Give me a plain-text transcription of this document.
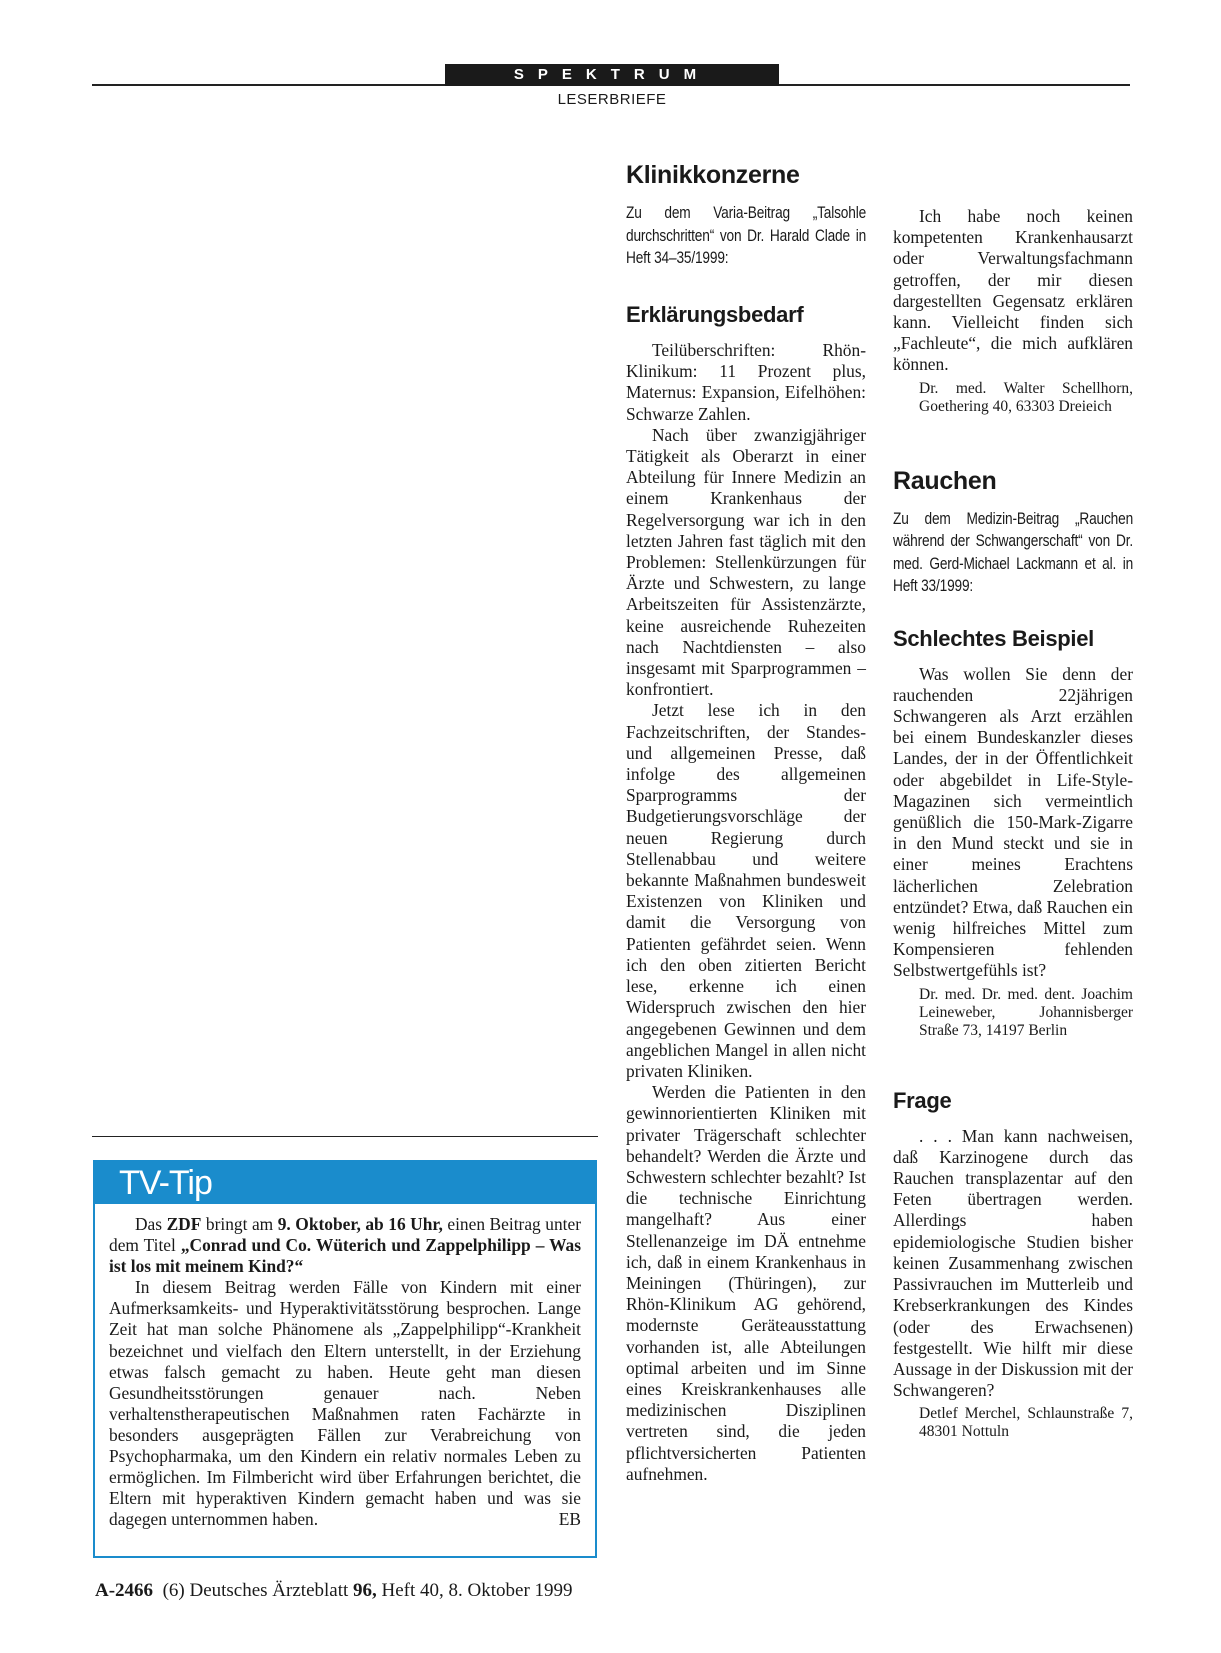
SPEKTRUM
LESERBRIEFE
Klinikkonzerne

Zu dem Varia-Beitrag „Talsohle durchschritten“ von Dr. Harald Clade in Heft 34–35/1999:

Erklärungsbedarf

Teilüberschriften: Rhön-Klinikum: 11 Prozent plus, Maternus: Expansion, Eifelhöhen: Schwarze Zahlen.

Nach über zwanzigjähriger Tätigkeit als Oberarzt in einer Abteilung für Innere Medizin an einem Krankenhaus der Regelversorgung war ich in den letzten Jahren fast täglich mit den Problemen: Stellenkürzungen für Ärzte und Schwestern, zu lange Arbeitszeiten für Assistenzärzte, keine ausreichende Ruhezeiten nach Nachtdiensten – also insgesamt mit Sparprogrammen – konfrontiert.

Jetzt lese ich in den Fachzeitschriften, der Standes- und allgemeinen Presse, daß infolge des allgemeinen Sparprogramms der Budgetierungsvorschläge der neuen Regierung durch Stellenabbau und weitere bekannte Maßnahmen bundesweit Existenzen von Kliniken und damit die Versorgung von Patienten gefährdet seien. Wenn ich den oben zitierten Bericht lese, erkenne ich einen Widerspruch zwischen den hier angegebenen Gewinnen und dem angeblichen Mangel in allen nicht privaten Kliniken.

Werden die Patienten in den gewinnorientierten Kliniken mit privater Trägerschaft schlechter behandelt? Werden die Ärzte und Schwestern schlechter bezahlt? Ist die technische Einrichtung mangelhaft? Aus einer Stellenanzeige im DÄ entnehme ich, daß in einem Krankenhaus in Meiningen (Thüringen), zur Rhön-Klinikum AG gehörend, modernste Geräteausstattung vorhanden ist, alle Abteilungen optimal arbeiten und im Sinne eines Kreiskrankenhauses alle medizinischen Disziplinen vertreten sind, die jeden pflichtversicherten Patienten aufnehmen.

Ich habe noch keinen kompetenten Krankenhausarzt oder Verwaltungsfachmann getroffen, der mir diesen dargestellten Gegensatz erklären kann. Vielleicht finden sich „Fachleute“, die mich aufklären können.

Dr. med. Walter Schellhorn, Goethering 40, 63303 Dreieich

Rauchen

Zu dem Medizin-Beitrag „Rauchen während der Schwangerschaft“ von Dr. med. Gerd-Michael Lackmann et al. in Heft 33/1999:

Schlechtes Beispiel

Was wollen Sie denn der rauchenden 22jährigen Schwangeren als Arzt erzählen bei einem Bundeskanzler dieses Landes, der in der Öffentlichkeit oder abgebildet in Life-Style-Magazinen sich vermeintlich genüßlich die 150-Mark-Zigarre in den Mund steckt und sie in einer meines Erachtens lächerlichen Zelebration entzündet? Etwa, daß Rauchen ein wenig hilfreiches Mittel zum Kompensieren fehlenden Selbstwertgefühls ist?

Dr. med. Dr. med. dent. Joachim Leineweber, Johannisberger Straße 73, 14197 Berlin

Frage

. . . Man kann nachweisen, daß Karzinogene durch das Rauchen transplazentar auf den Feten übertragen werden. Allerdings haben epidemiologische Studien bisher keinen Zusammenhang zwischen Passivrauchen im Mutterleib und Krebserkrankungen des Kindes (oder des Erwachsenen) festgestellt. Wie hilft mir diese Aussage in der Diskussion mit der Schwangeren?

Detlef Merchel, Schlaunstraße 7, 48301 Nottuln

TV-Tip

Das ZDF bringt am 9. Oktober, ab 16 Uhr, einen Beitrag unter dem Titel „Conrad und Co. Wüterich und Zappelphilipp – Was ist los mit meinem Kind?“

In diesem Beitrag werden Fälle von Kindern mit einer Aufmerksamkeits- und Hyperaktivitätsstörung besprochen. Lange Zeit hat man solche Phänomene als „Zappelphilipp“-Krankheit bezeichnet und vielfach den Eltern unterstellt, in der Erziehung etwas falsch gemacht zu haben. Heute geht man diesen Gesundheitsstörungen genauer nach. Neben verhaltenstherapeutischen Maßnahmen raten Fachärzte in besonders ausgeprägten Fällen zur Verabreichung von Psychopharmaka, um den Kindern ein relativ normales Leben zu ermöglichen. Im Filmbericht wird über Erfahrungen berichtet, die Eltern mit hyperaktiven Kindern gemacht haben und was sie dagegen unternommen haben.	EB
A-2466 (6) Deutsches Ärzteblatt 96, Heft 40, 8. Oktober 1999
